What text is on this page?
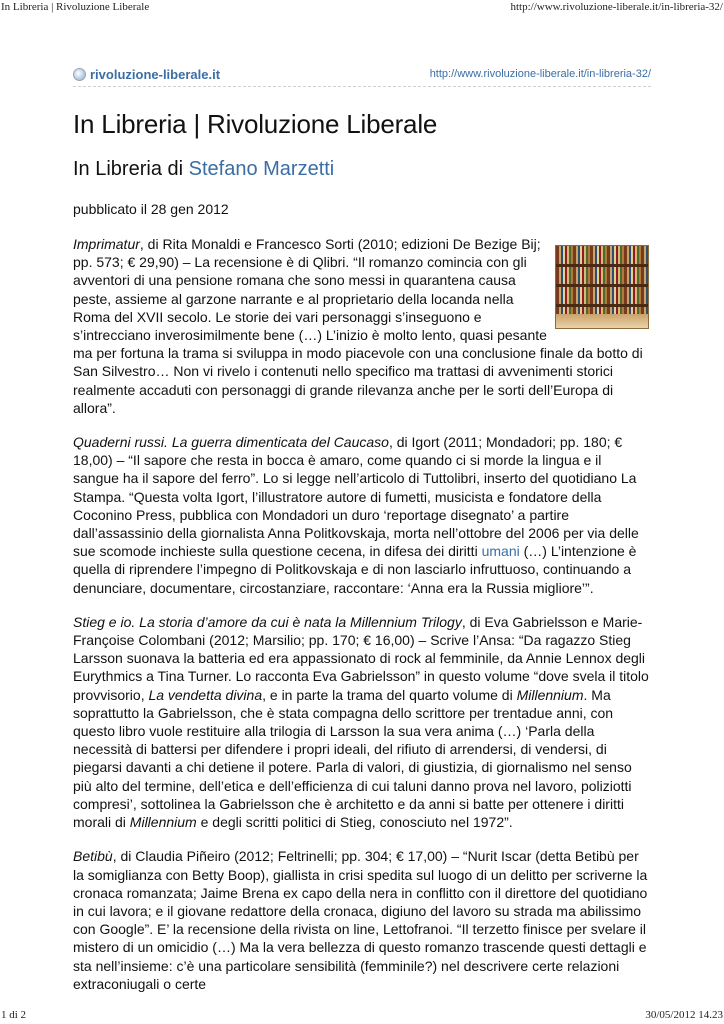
In Libreria | Rivoluzione Liberale	http://www.rivoluzione-liberale.it/in-libreria-32/
rivoluzione-liberale.it	http://www.rivoluzione-liberale.it/in-libreria-32/
In Libreria | Rivoluzione Liberale
In Libreria di Stefano Marzetti
pubblicato il 28 gen 2012

Imprimatur, di Rita Monaldi e Francesco Sorti (2010; edizioni De Bezige Bij; pp. 573; € 29,90) – La recensione è di Qlibri. “Il romanzo comincia con gli avventori di una pensione romana che sono messi in quarantena causa peste, assieme al garzone narrante e al proprietario della locanda nella Roma del XVII secolo. Le storie dei vari personaggi s’inseguono e s’intrecciano inverosimilmente bene (…) L’inizio è molto lento, quasi pesante ma per fortuna la trama si sviluppa in modo piacevole con una conclusione finale da botto di San Silvestro… Non vi rivelo i contenuti nello specifico ma trattasi di avvenimenti storici realmente accaduti con personaggi di grande rilevanza anche per le sorti dell’Europa di allora”.

Quaderni russi. La guerra dimenticata del Caucaso, di Igort (2011; Mondadori; pp. 180; € 18,00) – “Il sapore che resta in bocca è amaro, come quando ci si morde la lingua e il sangue ha il sapore del ferro”. Lo si legge nell’articolo di Tuttolibri, inserto del quotidiano La Stampa. “Questa volta Igort, l’illustratore autore di fumetti, musicista e fondatore della Coconino Press, pubblica con Mondadori un duro ‘reportage disegnato’ a partire dall’assassinio della giornalista Anna Politkovskaja, morta nell’ottobre del 2006 per via delle sue scomode inchieste sulla questione cecena, in difesa dei diritti umani (…) L’intenzione è quella di riprendere l’impegno di Politkovskaja e di non lasciarlo infruttuoso, continuando a denunciare, documentare, circostanziare, raccontare: ‘Anna era la Russia migliore’”.

Stieg e io. La storia d’amore da cui è nata la Millennium Trilogy, di Eva Gabrielsson e Marie-Françoise Colombani (2012; Marsilio; pp. 170; € 16,00) – Scrive l’Ansa: “Da ragazzo Stieg Larsson suonava la batteria ed era appassionato di rock al femminile, da Annie Lennox degli Eurythmics a Tina Turner. Lo racconta Eva Gabrielsson” in questo volume “dove svela il titolo provvisorio, La vendetta divina, e in parte la trama del quarto volume di Millennium. Ma soprattutto la Gabrielsson, che è stata compagna dello scrittore per trentadue anni, con questo libro vuole restituire alla trilogia di Larsson la sua vera anima (…) ‘Parla della necessità di battersi per difendere i propri ideali, del rifiuto di arrendersi, di vendersi, di piegarsi davanti a chi detiene il potere. Parla di valori, di giustizia, di giornalismo nel senso più alto del termine, dell’etica e dell’efficienza di cui taluni danno prova nel lavoro, poliziotti compresi’, sottolinea la Gabrielsson che è architetto e da anni si batte per ottenere i diritti morali di Millennium e degli scritti politici di Stieg, conosciuto nel 1972”.

Betibù, di Claudia Piñeiro (2012; Feltrinelli; pp. 304; € 17,00) – “Nurit Iscar (detta Betibù per la somiglianza con Betty Boop), giallista in crisi spedita sul luogo di un delitto per scriverne la cronaca romanzata; Jaime Brena ex capo della nera in conflitto con il direttore del quotidiano in cui lavora; e il giovane redattore della cronaca, digiuno del lavoro su strada ma abilissimo con Google”. E’ la recensione della rivista on line, Lettofranoi. “Il terzetto finisce per svelare il mistero di un omicidio (…) Ma la vera bellezza di questo romanzo trascende questi dettagli e sta nell’insieme: c’è una particolare sensibilità (femminile?) nel descrivere certe relazioni extraconiugali o certe

1 di 2	30/05/2012 14.23
